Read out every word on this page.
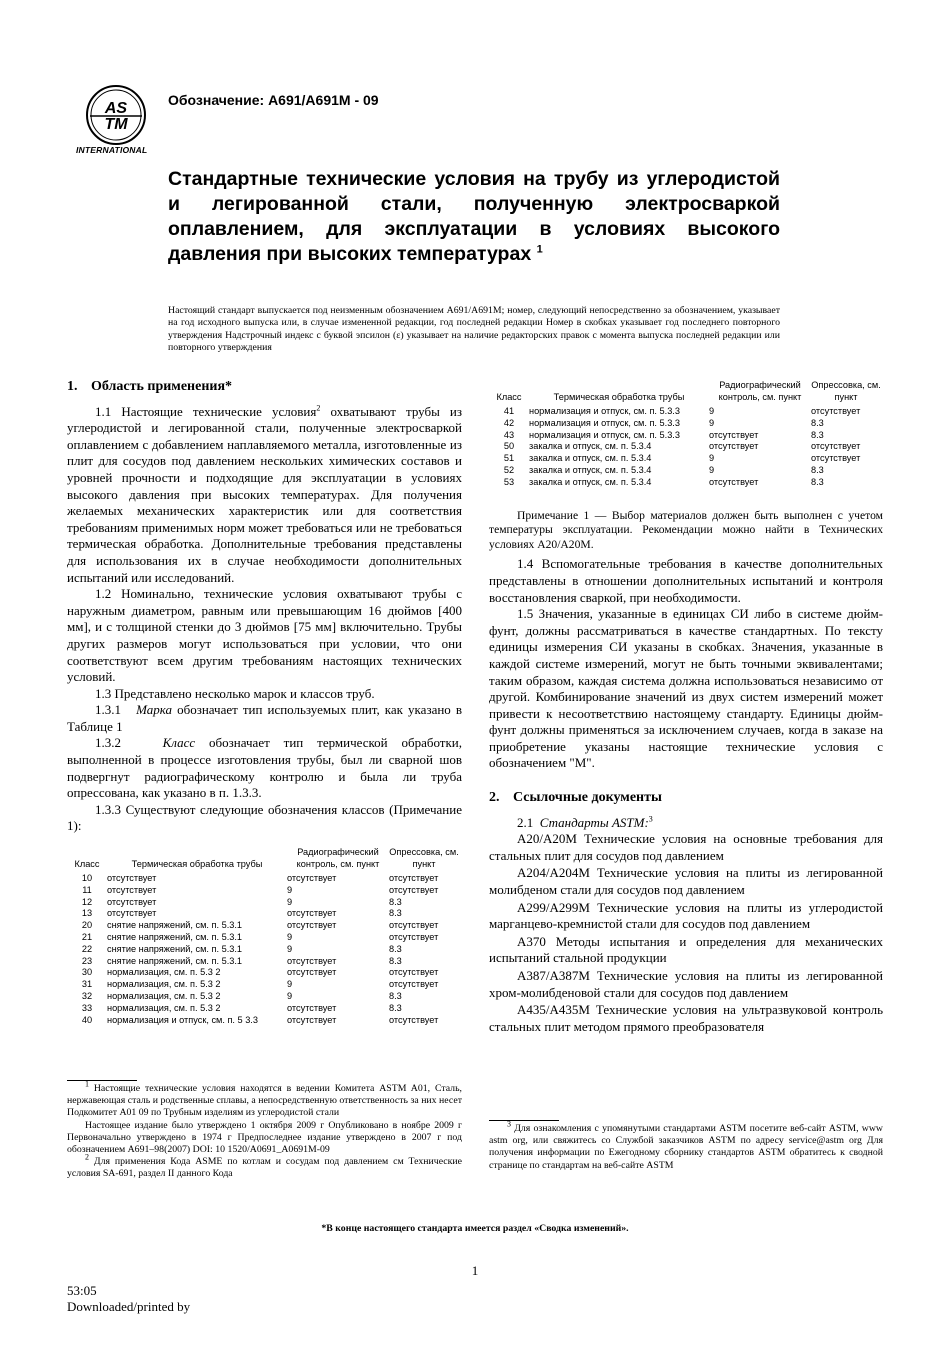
AS
TM
INTERNATIONAL
Обозначение: A691/A691M - 09
Стандартные технические условия на трубу из углеродистой и легированной стали, полученную электросваркой оплавлением, для эксплуатации в условиях высокого давления при высоких температурах $^1$
Настоящий стандарт выпускается под неизменным обозначением A691/A691M; номер, следующий непосредственно за обозначением, указывает на год исходного выпуска или, в случае измененной редакции, год последней редакции Номер в скобках указывает год последнего повторного утверждения Надстрочный индекс с буквой эпсилон (ε) указывает на наличие редакторских правок с момента выпуска последней редакции или повторного утверждения
1. Область применения*

1.1 Настоящие технические условия$^2$ охватывают трубы из углеродистой и легированной стали, полученные электросваркой оплавлением с добавлением наплавляемого металла, изготовленные из плит для сосудов под давлением нескольких химических составов и уровней прочности и подходящие для эксплуатации в условиях высокого давления при высоких температурах. Для получения желаемых механических характеристик или для соответствия требованиям применимых норм может требоваться или не требоваться термическая обработка. Дополнительные требования представлены для использования их в случае необходимости дополнительных испытаний или исследований.

1.2 Номинально, технические условия охватывают трубы с наружным диаметром, равным или превышающим 16 дюймов [400 мм], и с толщиной стенки до 3 дюймов [75 мм] включительно. Трубы других размеров могут использоваться при условии, что они соответствуют всем другим требованиям настоящих технических условий.

1.3 Представлено несколько марок и классов труб.

1.3.1 Марка обозначает тип используемых плит, как указано в Таблице 1

1.3.2	Класс обозначает тип термической обработки, выполненной в процессе изготовления трубы, был ли сварной шов подвергнут радиографическому контролю и была ли труба опрессована, как указано в п. 1.3.3.

1.3.3 Существуют следующие обозначения классов (Примечание 1):

Класс	Термическая обработка трубы	Радиографический контроль, см. пункт	Опрессовка, см. пункт
10	отсутствует	отсутствует	отсутствует
11	отсутствует	9	отсутствует
12	отсутствует	9	8.3
13	отсутствует	отсутствует	8.3
20	снятие напряжений, см. п. 5.3.1	отсутствует	отсутствует
21	снятие напряжений, см. п. 5.3.1	9	отсутствует
22	снятие напряжений, см. п. 5.3.1	9	8.3
23	снятие напряжений, см. п. 5.3.1	отсутствует	8.3
30	нормализация, см. п. 5.3 2	отсутствует	отсутствует
31	нормализация, см. п. 5.3 2	9	отсутствует
32	нормализация, см. п. 5.3 2	9	8.3
33	нормализация, см. п. 5.3 2	отсутствует	8.3
40	нормализация и отпуск, см. п. 5 3.3	отсутствует	отсутствует

$^1$ Настоящие технические условия находятся в ведении Комитета ASTM A01, Сталь, нержавеющая сталь и родственные сплавы, а непосредственную ответственность за них несет Подкомитет A01 09 по Трубным изделиям из углеродистой стали

Настоящее издание было утверждено 1 октября 2009 г Опубликовано в ноябре 2009 г Первоначально утверждено в 1974 г Предпоследнее издание утверждено в 2007 г под обозначением A691–98(2007) DOI: 10 1520/A0691_A0691M-09

$^2$ Для применения Кода ASME по котлам и сосудам под давлением см Технические условия SA-691, раздел II данного Кода

Класс	Термическая обработка трубы	Радиографический контроль, см. пункт	Опрессовка, см. пункт
41	нормализация и отпуск, см. п. 5.3.3	9	отсутствует
42	нормализация и отпуск, см. п. 5.3.3	9	8.3
43	нормализация и отпуск, см. п. 5.3.3	отсутствует	8.3
50	закалка и отпуск, см. п. 5.3.4	отсутствует	отсутствует
51	закалка и отпуск, см. п. 5.3.4	9	отсутствует
52	закалка и отпуск, см. п. 5.3.4	9	8.3
53	закалка и отпуск, см. п. 5.3.4	отсутствует	8.3

Примечание 1 — Выбор материалов должен быть выполнен с учетом температуры эксплуатации. Рекомендации можно найти в Технических условиях A20/A20M.

1.4 Вспомогательные требования в качестве дополнительных представлены в отношении дополнительных испытаний и контроля восстановления сваркой, при необходимости.

1.5 Значения, указанные в единицах СИ либо в системе дюйм-фунт, должны рассматриваться в качестве стандартных. По тексту единицы измерения СИ указаны в скобках. Значения, указанные в каждой системе измерений, могут не быть точными эквивалентами; таким образом, каждая система должна использоваться независимо от другой. Комбинирование значений из двух систем измерений может привести к несоответствию настоящему стандарту. Единицы дюйм-фунт должны применяться за исключением случаев, когда в заказе на приобретение указаны настоящие технические условия с обозначением "M".

2. Ссылочные документы

2.1 Стандарты ASTM:$^3$

A20/A20M Технические условия на основные требования для стальных плит для сосудов под давлением

A204/A204M Технические условия на плиты из легированной молибденом стали для сосудов под давлением

A299/A299M Технические условия на плиты из углеродистой марганцево-кремнистой стали для сосудов под давлением

A370 Методы испытания и определения для механических испытаний стальной продукции

A387/A387M Технические условия на плиты из легированной хром-молибденовой стали для сосудов под давлением

A435/A435M Технические условия на ультразвуковой контроль стальных плит методом прямого преобразователя

$^3$ Для ознакомления с упомянутыми стандартами ASTM посетите веб-сайт ASTM, www astm org, или свяжитесь со Службой заказчиков ASTM по адресу service@astm org Для получения информации по Ежегодному сборнику стандартов ASTM обратитесь к сводной странице по стандартам на веб-сайте ASTM

*В конце настоящего стандарта имеется раздел «Сводка изменений».
1
53:05
Downloaded/printed by
